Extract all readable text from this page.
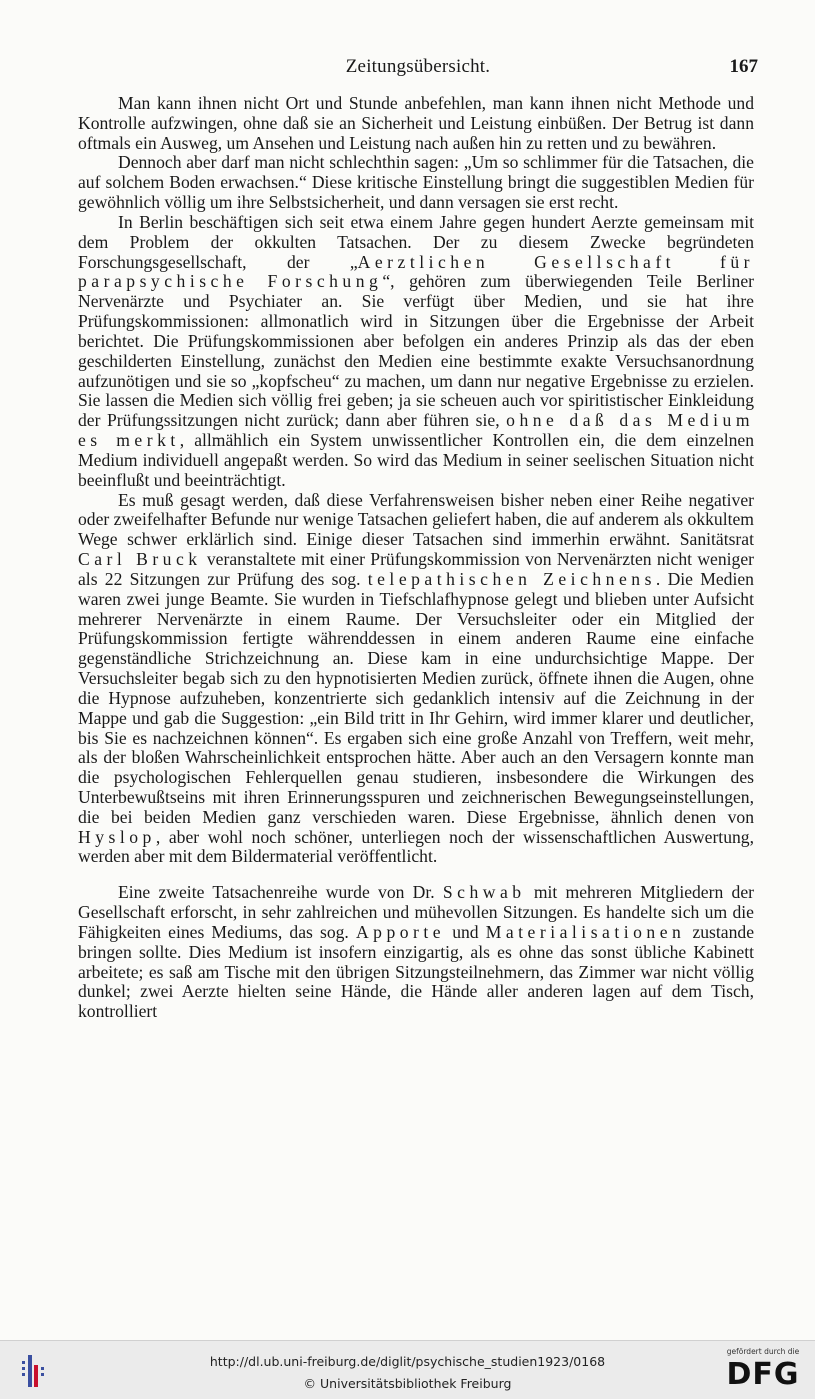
Zeitungsübersicht.	167

Man kann ihnen nicht Ort und Stunde anbefehlen, man kann ihnen nicht Methode und Kontrolle aufzwingen, ohne daß sie an Sicherheit und Leistung einbüßen. Der Betrug ist dann oftmals ein Ausweg, um Ansehen und Leistung nach außen hin zu retten und zu bewähren.

Dennoch aber darf man nicht schlechthin sagen: „Um so schlimmer für die Tatsachen, die auf solchem Boden erwachsen.“ Diese kritische Einstellung bringt die suggestiblen Medien für gewöhnlich völlig um ihre Selbstsicherheit, und dann versagen sie erst recht.

In Berlin beschäftigen sich seit etwa einem Jahre gegen hundert Aerzte gemeinsam mit dem Problem der okkulten Tatsachen. Der zu diesem Zwecke begründeten Forschungsgesellschaft, der „Aerztlichen Gesellschaft für parapsychische Forschung“, gehören zum überwiegenden Teile Berliner Nervenärzte und Psychiater an. Sie verfügt über Medien, und sie hat ihre Prüfungskommissionen: allmonatlich wird in Sitzungen über die Ergebnisse der Arbeit berichtet. Die Prüfungskommissionen aber befolgen ein anderes Prinzip als das der eben geschilderten Einstellung, zunächst den Medien eine bestimmte exakte Versuchsanordnung aufzunötigen und sie so „kopfscheu“ zu machen, um dann nur negative Ergebnisse zu erzielen. Sie lassen die Medien sich völlig frei geben; ja sie scheuen auch vor spiritistischer Einkleidung der Prüfungssitzungen nicht zurück; dann aber führen sie, ohne daß das Medium es merkt, allmählich ein System unwissentlicher Kontrollen ein, die dem einzelnen Medium individuell angepaßt werden. So wird das Medium in seiner seelischen Situation nicht beeinflußt und beeinträchtigt.

Es muß gesagt werden, daß diese Verfahrensweisen bisher neben einer Reihe negativer oder zweifelhafter Befunde nur wenige Tatsachen geliefert haben, die auf anderem als okkultem Wege schwer erklärlich sind. Einige dieser Tatsachen sind immerhin erwähnt. Sanitätsrat Carl Bruck veranstaltete mit einer Prüfungskommission von Nervenärzten nicht weniger als 22 Sitzungen zur Prüfung des sog. telepathischen Zeichnens. Die Medien waren zwei junge Beamte. Sie wurden in Tiefschlafhypnose gelegt und blieben unter Aufsicht mehrerer Nervenärzte in einem Raume. Der Versuchsleiter oder ein Mitglied der Prüfungskommission fertigte währenddessen in einem anderen Raume eine einfache gegenständliche Strichzeichnung an. Diese kam in eine undurchsichtige Mappe. Der Versuchsleiter begab sich zu den hypnotisierten Medien zurück, öffnete ihnen die Augen, ohne die Hypnose aufzuheben, konzentrierte sich gedanklich intensiv auf die Zeichnung in der Mappe und gab die Suggestion: „ein Bild tritt in Ihr Gehirn, wird immer klarer und deutlicher, bis Sie es nachzeichnen können“. Es ergaben sich eine große Anzahl von Treffern, weit mehr, als der bloßen Wahrscheinlichkeit entsprochen hätte. Aber auch an den Versagern konnte man die psychologischen Fehlerquellen genau studieren, insbesondere die Wirkungen des Unterbewußtseins mit ihren Erinnerungsspuren und zeichnerischen Bewegungseinstellungen, die bei beiden Medien ganz verschieden waren. Diese Ergebnisse, ähnlich denen von Hyslop, aber wohl noch schöner, unterliegen noch der wissenschaftlichen Auswertung, werden aber mit dem Bildermaterial veröffentlicht.

Eine zweite Tatsachenreihe wurde von Dr. Schwab mit mehreren Mitgliedern der Gesellschaft erforscht, in sehr zahlreichen und mühevollen Sitzungen. Es handelte sich um die Fähigkeiten eines Mediums, das sog. Apporte und Materialisationen zustande bringen sollte. Dies Medium ist insofern einzigartig, als es ohne das sonst übliche Kabinett arbeitete; es saß am Tische mit den übrigen Sitzungsteilnehmern, das Zimmer war nicht völlig dunkel; zwei Aerzte hielten seine Hände, die Hände aller anderen lagen auf dem Tisch, kontrolliert

http://dl.ub.uni-freiburg.de/diglit/psychische_studien1923/0168
© Universitätsbibliothek Freiburg
gefördert durch die
DFG
